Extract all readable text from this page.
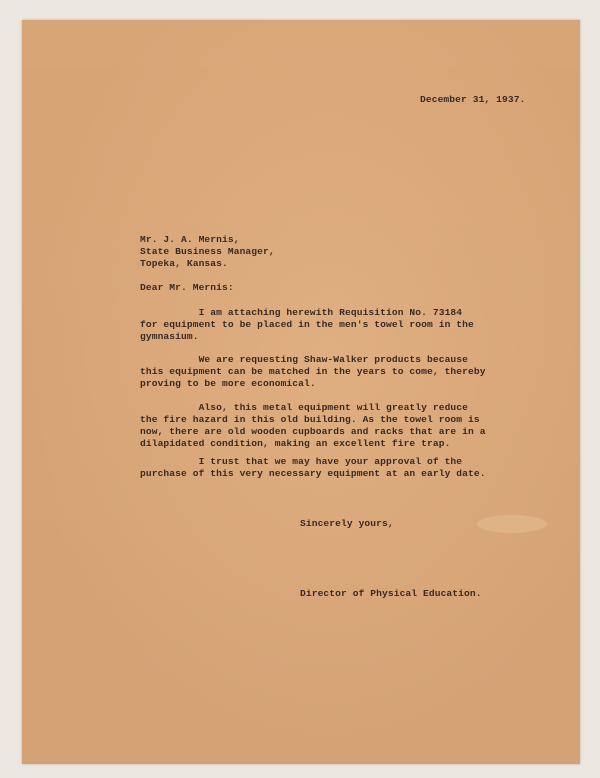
December 31, 1937.
Mr. J. A. Mernis,
State Business Manager,
Topeka, Kansas.
Dear Mr. Mernis:
I am attaching herewith Requisition No. 73184
for equipment to be placed in the men's towel room in the
gymnasium.
We are requesting Shaw-Walker products because
this equipment can be matched in the years to come, thereby
proving to be more economical.
Also, this metal equipment will greatly reduce
the fire hazard in this old building. As the towel room is
now, there are old wooden cupboards and racks that are in a
dilapidated condition, making an excellent fire trap.
I trust that we may have your approval of the
purchase of this very necessary equipment at an early date.
Sincerely yours,
Director of Physical Education.
